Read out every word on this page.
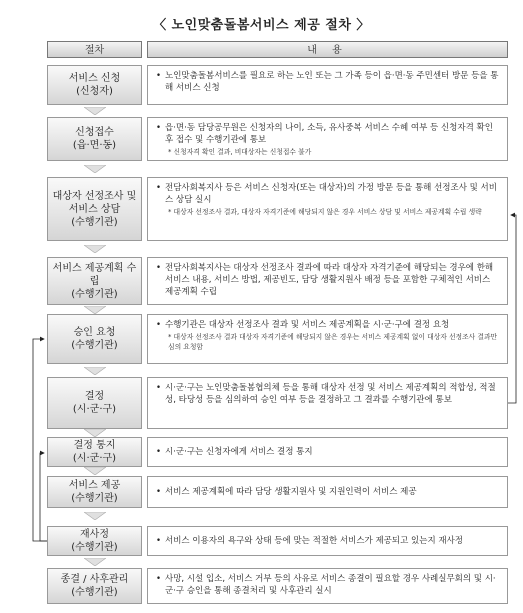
〈 노인맞춤돌봄서비스 제공 절차 〉
절차	내 용
서비스 신청
(신청자)
• 노인맞춤돌봄서비스를 필요로 하는 노인 또는 그 가족 등이 읍·면·동 주민센터 방문 등을 통해 서비스 신청
신청접수
(읍·면·동)
• 읍·면·동 담당공무원은 신청자의 나이, 소득, 유사중복 서비스 수혜 여부 등 신청자격 확인 후 접수 및 수행기관에 통보
* 신청자격 확인 결과, 비대상자는 신청접수 불가
대상자 선정조사 및 서비스 상담
(수행기관)
• 전담사회복지사 등은 서비스 신청자(또는 대상자)의 가정 방문 등을 통해 선정조사 및 서비스 상담 실시
* 대상자 선정조사 결과, 대상자 자격기준에 해당되지 않은 경우 서비스 상담 및 서비스 제공계획 수립 생략
서비스 제공계획 수립
(수행기관)
• 전담사회복지사는 대상자 선정조사 결과에 따라 대상자 자격기준에 해당되는 경우에 한해 서비스 내용, 서비스 방법, 제공빈도, 담당 생활지원사 배정 등을 포함한 구체적인 서비스 제공계획 수립
승인 요청
(수행기관)
• 수행기관은 대상자 선정조사 결과 및 서비스 제공계획을 시·군·구에 결정 요청
* 대상자 선정조사 결과 대상자 자격기준에 해당되지 않은 경우는 서비스 제공계획 없이 대상자 선정조사 결과만 심의 요청함
결정
(시·군·구)
• 시·군·구는 노인맞춤돌봄협의체 등을 통해 대상자 선정 및 서비스 제공계획의 적합성, 적절성, 타당성 등을 심의하여 승인 여부 등을 결정하고 그 결과를 수행기관에 통보
결정 통지
(시·군·구)
• 시·군·구는 신청자에게 서비스 결정 통지
서비스 제공
(수행기관)
• 서비스 제공계획에 따라 담당 생활지원사 및 지원인력이 서비스 제공
재사정
(수행기관)
• 서비스 이용자의 욕구와 상태 등에 맞는 적절한 서비스가 제공되고 있는지 재사정
종결 / 사후관리
(수행기관)
• 사망, 시설 입소, 서비스 거부 등의 사유로 서비스 종결이 필요할 경우 사례실무회의 및 시·군·구 승인을 통해 종결처리 및 사후관리 실시
